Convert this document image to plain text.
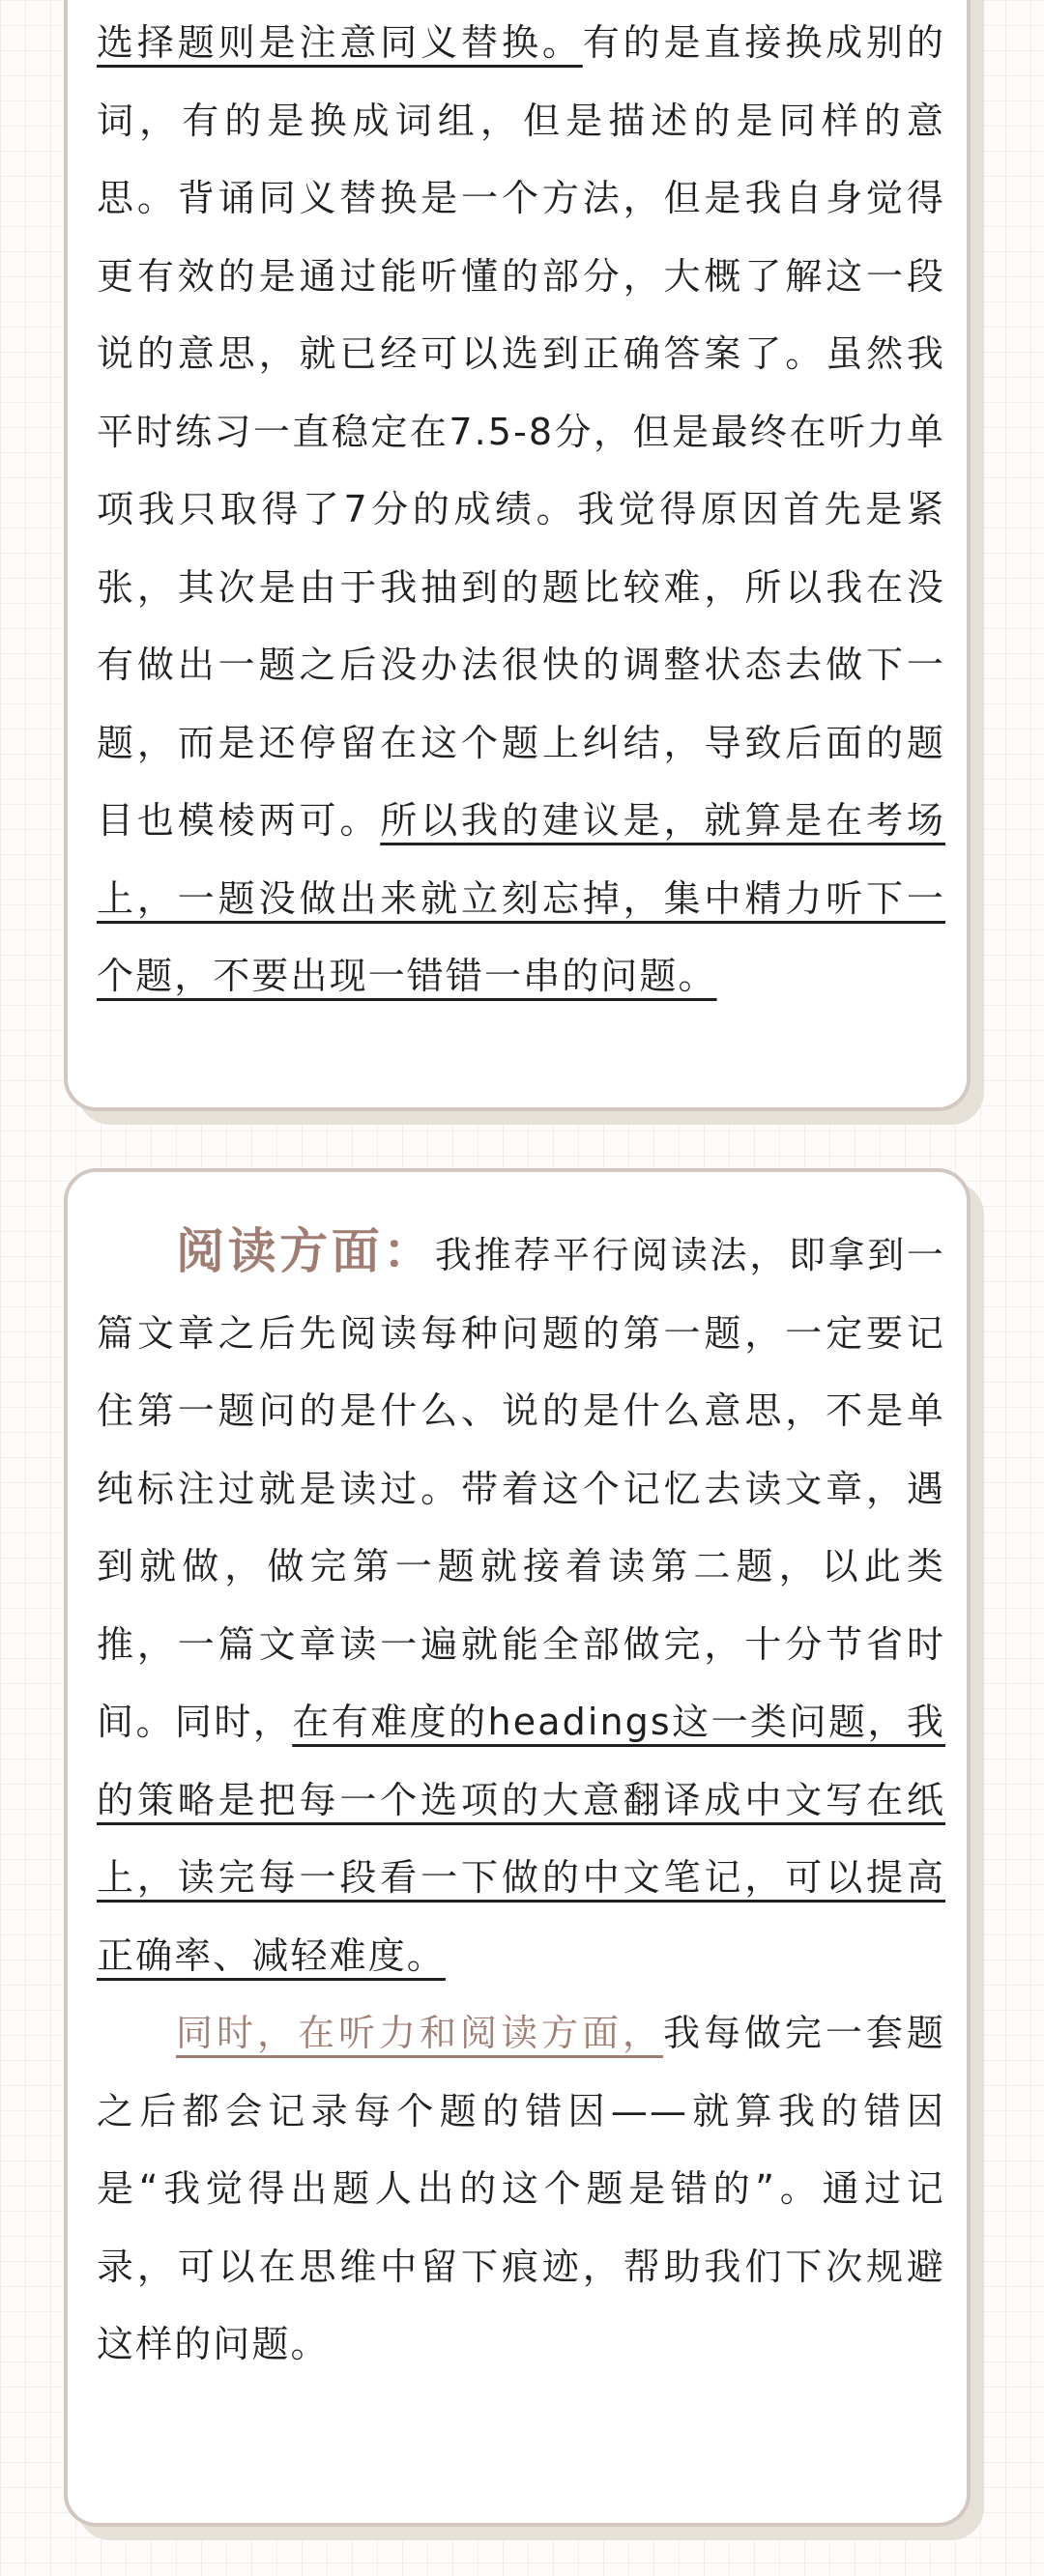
选择题则是注意同义替换。有的是直接换成别的词，有的是换成词组，但是描述的是同样的意思。背诵同义替换是一个方法，但是我自身觉得更有效的是通过能听懂的部分，大概了解这一段说的意思，就已经可以选到正确答案了。虽然我平时练习一直稳定在7.5-8分，但是最终在听力单项我只取得了7分的成绩。我觉得原因首先是紧张，其次是由于我抽到的题比较难，所以我在没有做出一题之后没办法很快的调整状态去做下一题，而是还停留在这个题上纠结，导致后面的题目也模棱两可。所以我的建议是，就算是在考场上，一题没做出来就立刻忘掉，集中精力听下一个题，不要出现一错错一串的问题。
阅读方面：我推荐平行阅读法，即拿到一篇文章之后先阅读每种问题的第一题，一定要记住第一题问的是什么、说的是什么意思，不是单纯标注过就是读过。带着这个记忆去读文章，遇到就做，做完第一题就接着读第二题，以此类推，一篇文章读一遍就能全部做完，十分节省时间。同时，在有难度的headings这一类问题，我的策略是把每一个选项的大意翻译成中文写在纸上，读完每一段看一下做的中文笔记，可以提高正确率、减轻难度。
同时，在听力和阅读方面，我每做完一套题之后都会记录每个题的错因——就算我的错因是“我觉得出题人出的这个题是错的”。通过记录，可以在思维中留下痕迹，帮助我们下次规避这样的问题。
